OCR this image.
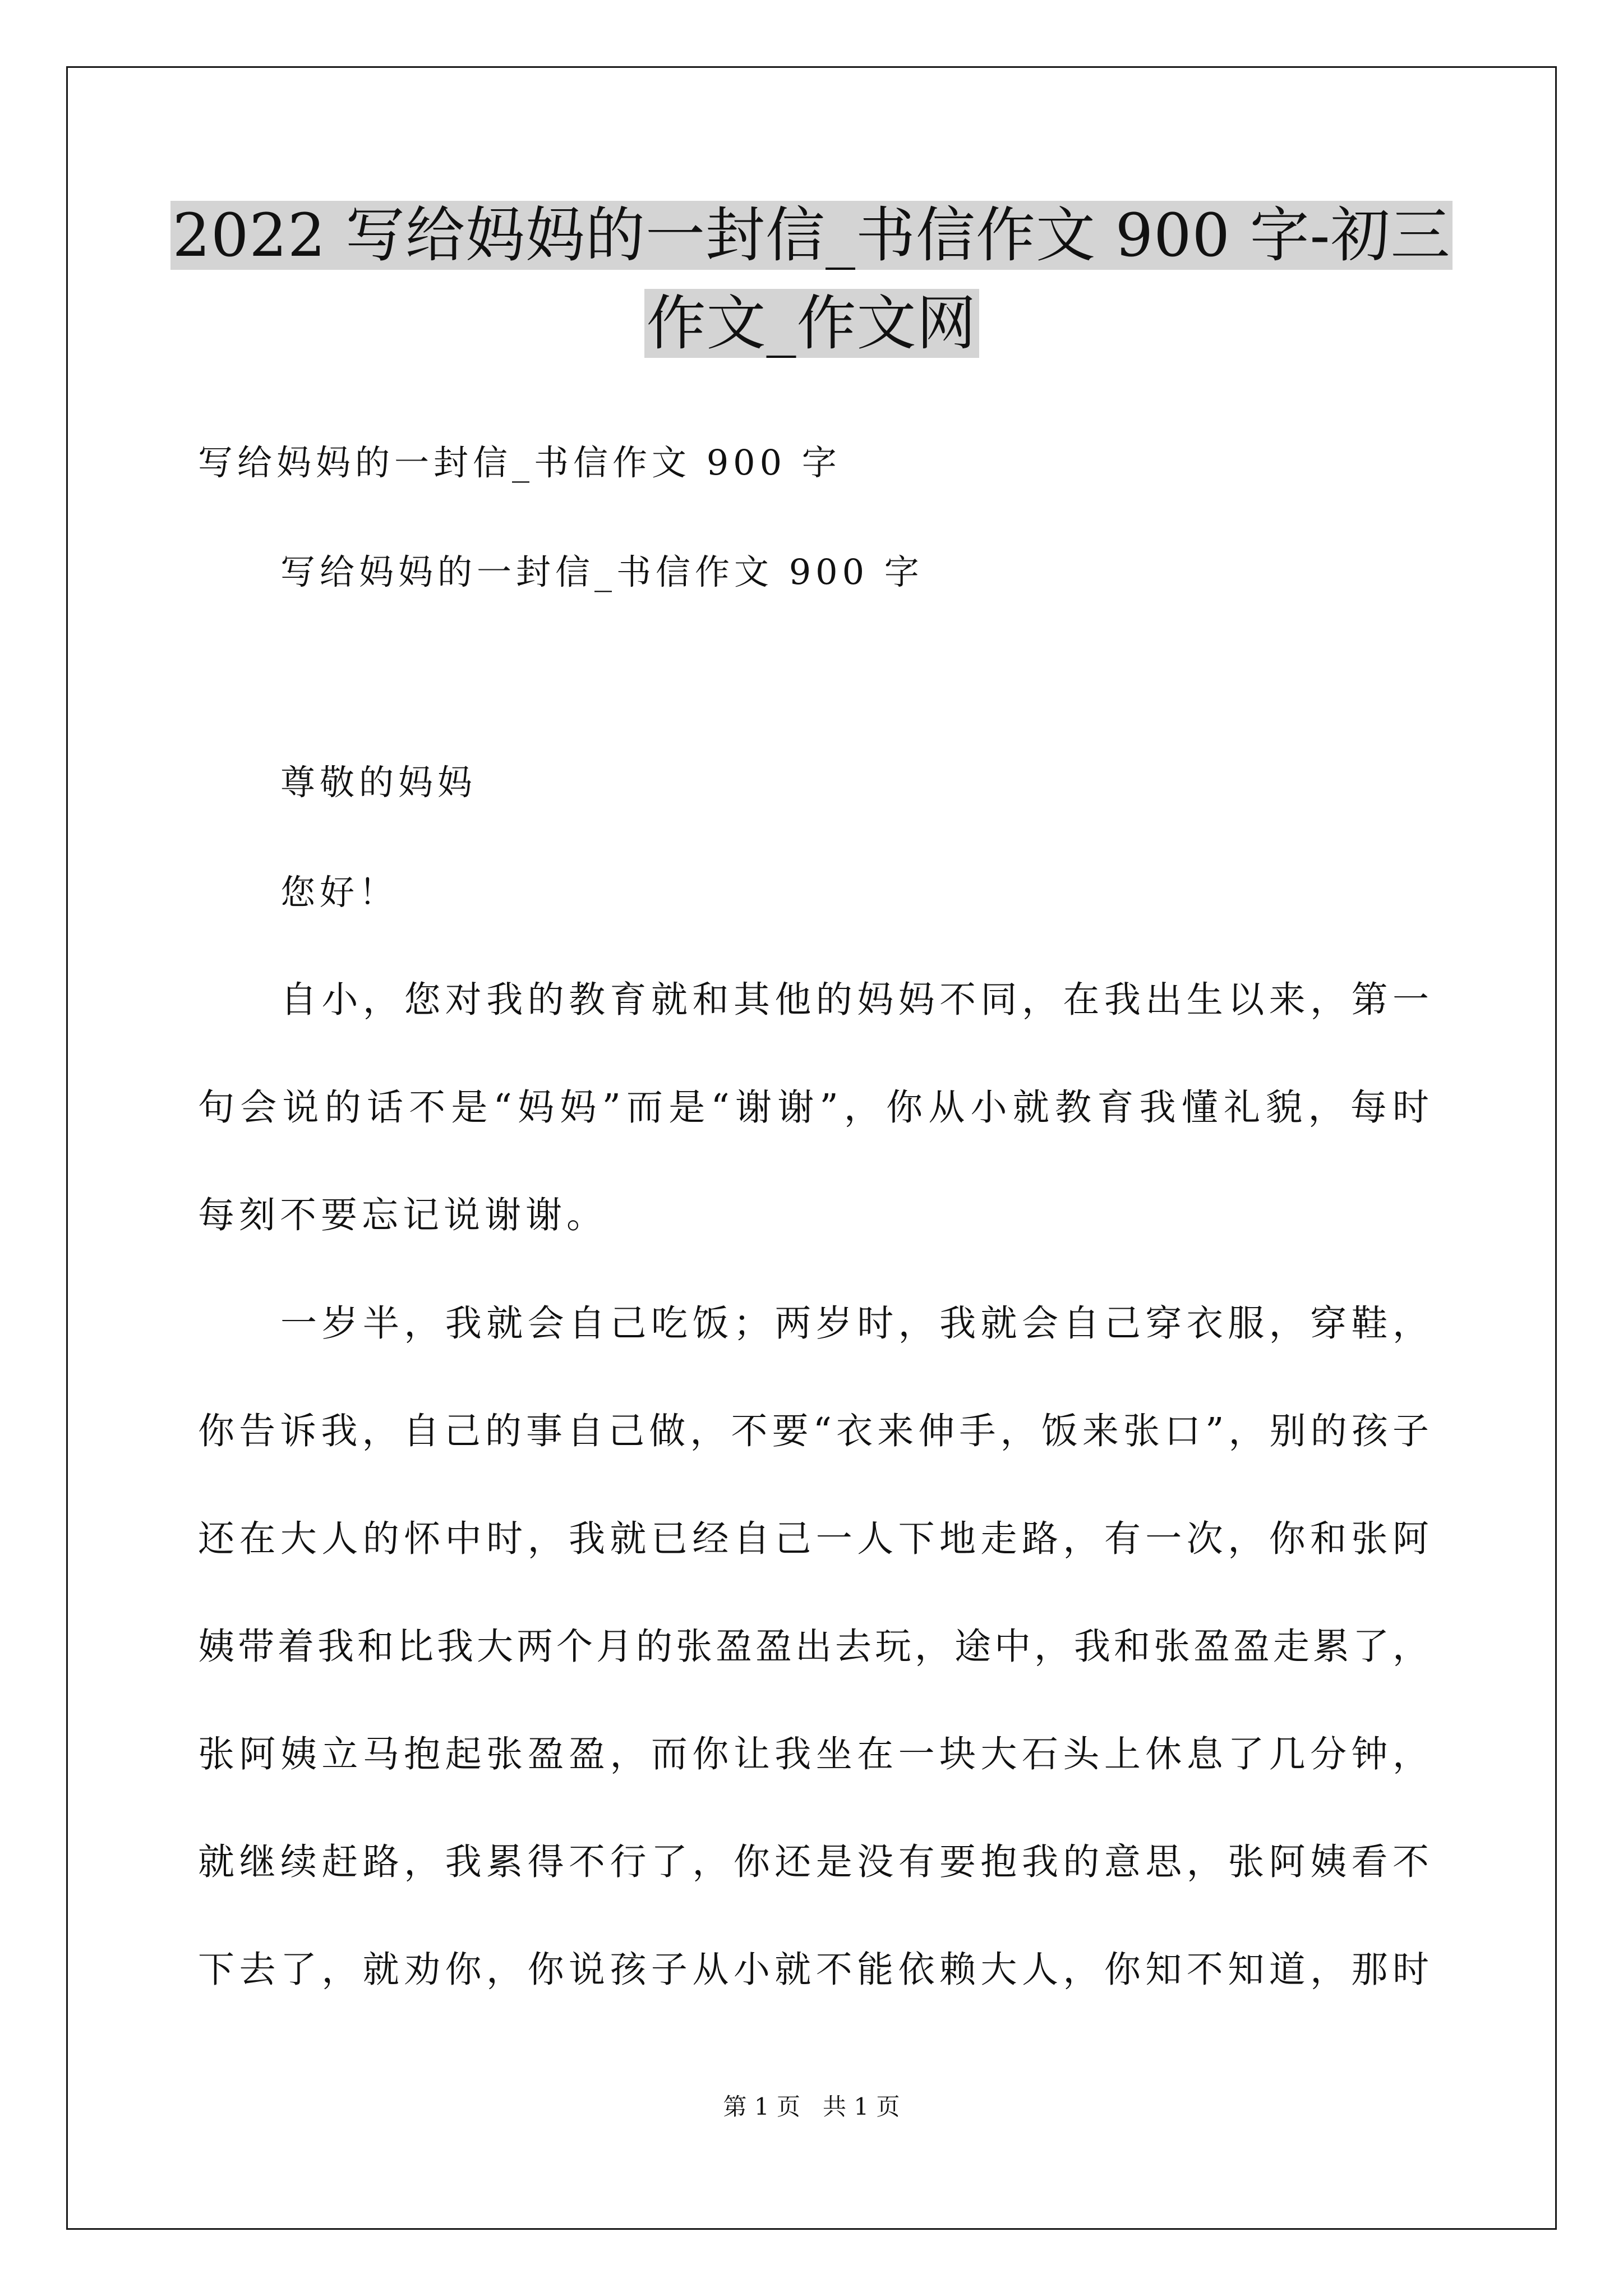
2022 写给妈妈的一封信_书信作文 900 字-初三
作文_作文网
写给妈妈的一封信_书信作文 900 字
写给妈妈的一封信_书信作文 900 字
尊敬的妈妈
您好！
自小，您对我的教育就和其他的妈妈不同，在我出生以来，第一
句会说的话不是“妈妈”而是“谢谢”，你从小就教育我懂礼貌，每时
每刻不要忘记说谢谢。
一岁半，我就会自己吃饭；两岁时，我就会自己穿衣服，穿鞋，
你告诉我，自己的事自己做，不要“衣来伸手，饭来张口”，别的孩子
还在大人的怀中时，我就已经自己一人下地走路，有一次，你和张阿
姨带着我和比我大两个月的张盈盈出去玩，途中，我和张盈盈走累了，
张阿姨立马抱起张盈盈，而你让我坐在一块大石头上休息了几分钟，
就继续赶路，我累得不行了，你还是没有要抱我的意思，张阿姨看不
下去了，就劝你，你说孩子从小就不能依赖大人，你知不知道，那时
第 1 页   共 1 页
